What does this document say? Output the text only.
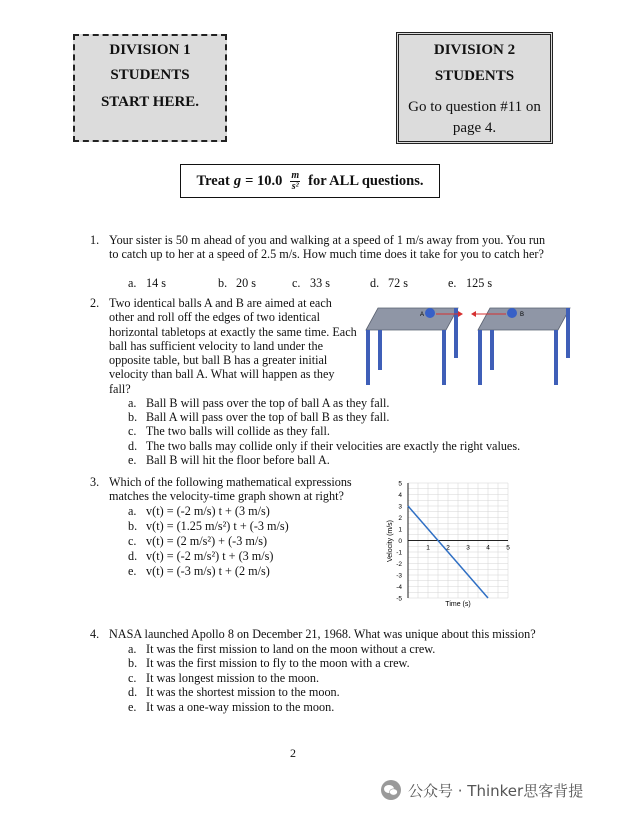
DIVISION 1
STUDENTS
START HERE.
DIVISION 2
STUDENTS
Go to question #11 on page 4.
Treat $g = 10.0 \frac{m}{\text{s²}}$ for ALL questions.
1. Your sister is 50 m ahead of you and walking at a speed of 1 m/s away from you. You run to catch up to her at a speed of 2.5 m/s. How much time does it take for you to catch her?
a. 14 s	b. 20 s	c. 33 s	d. 72 s	e. 125 s
2. Two identical balls A and B are aimed at each other and roll off the edges of two identical horizontal tabletops at exactly the same time. Each ball has sufficient velocity to land under the opposite table, but ball B has a greater initial velocity than ball A. What will happen as they fall?
a. Ball B will pass over the top of ball A as they fall.
b. Ball A will pass over the top of ball B as they fall.
c. The two balls will collide as they fall.
d. The two balls may collide only if their velocities are exactly the right values.
e. Ball B will hit the floor before ball A.
A	B
3. Which of the following mathematical expressions matches the velocity-time graph shown at right?
a. v(t) = (-2 m/s) t + (3 m/s)
b. v(t) = (1.25 m/s²) t + (-3 m/s)
c. v(t) = (2 m/s²) + (-3 m/s)
d. v(t) = (-2 m/s²) t + (3 m/s)
e. v(t) = (-3 m/s) t + (2 m/s)
5
4
3
2
1
0
-1
-2
-3
-4
-5
1	2	3	4	5
Time (s)
Velocity (m/s)
4. NASA launched Apollo 8 on December 21, 1968. What was unique about this mission?
a. It was the first mission to land on the moon without a crew.
b. It was the first mission to fly to the moon with a crew.
c. It was longest mission to the moon.
d. It was the shortest mission to the moon.
e. It was a one-way mission to the moon.
2
公众号 · Thinker思客背提
